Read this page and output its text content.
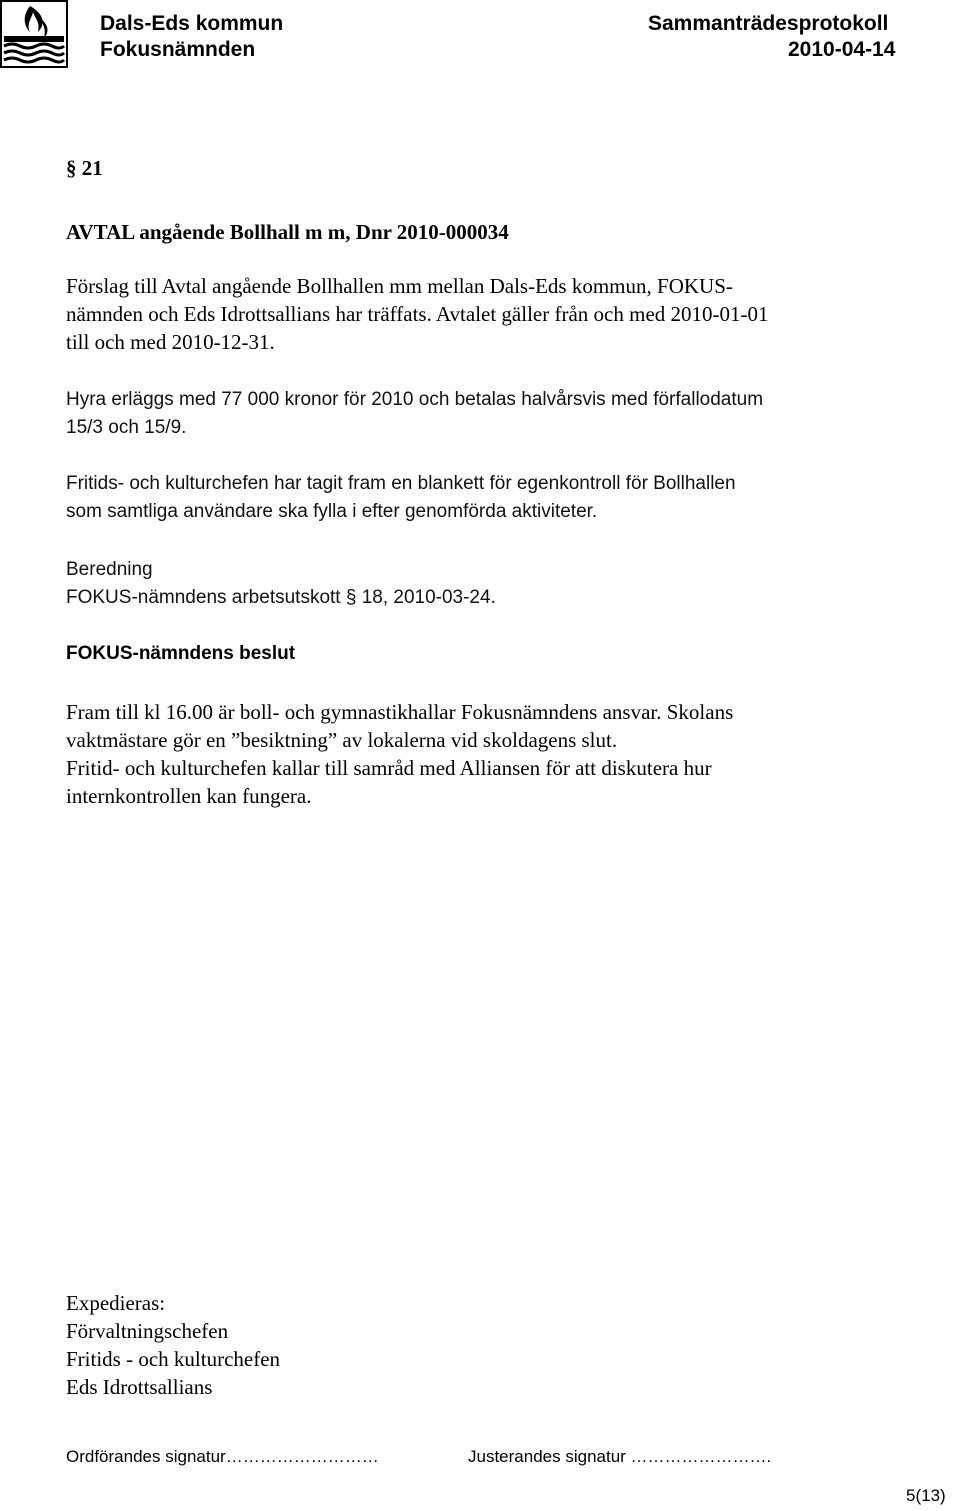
Dals-Eds kommun
Fokusnämnden
Sammanträdesprotokoll
2010-04-14
§ 21
AVTAL angående Bollhall m m, Dnr 2010-000034
Förslag till Avtal angående Bollhallen mm mellan Dals-Eds kommun, FOKUS-
nämnden och Eds Idrottsallians har träffats. Avtalet gäller från och med 2010-01-01
till och med 2010-12-31.
Hyra erläggs med 77 000 kronor för 2010 och betalas halvårsvis med förfallodatum
15/3 och 15/9.
Fritids- och kulturchefen har tagit fram en blankett för egenkontroll för Bollhallen
som samtliga användare ska fylla i efter genomförda aktiviteter.
Beredning
FOKUS-nämndens arbetsutskott § 18, 2010-03-24.
FOKUS-nämndens beslut
Fram till kl 16.00 är boll- och gymnastikhallar Fokusnämndens ansvar. Skolans
vaktmästare gör en ”besiktning” av lokalerna vid skoldagens slut.
Fritid- och kulturchefen kallar till samråd med Alliansen för att diskutera hur
internkontrollen kan fungera.
Expedieras:
Förvaltningschefen
Fritids - och kulturchefen
Eds Idrottsallians
Ordförandes signatur………………………	Justerandes signatur …………………….
5(13)
